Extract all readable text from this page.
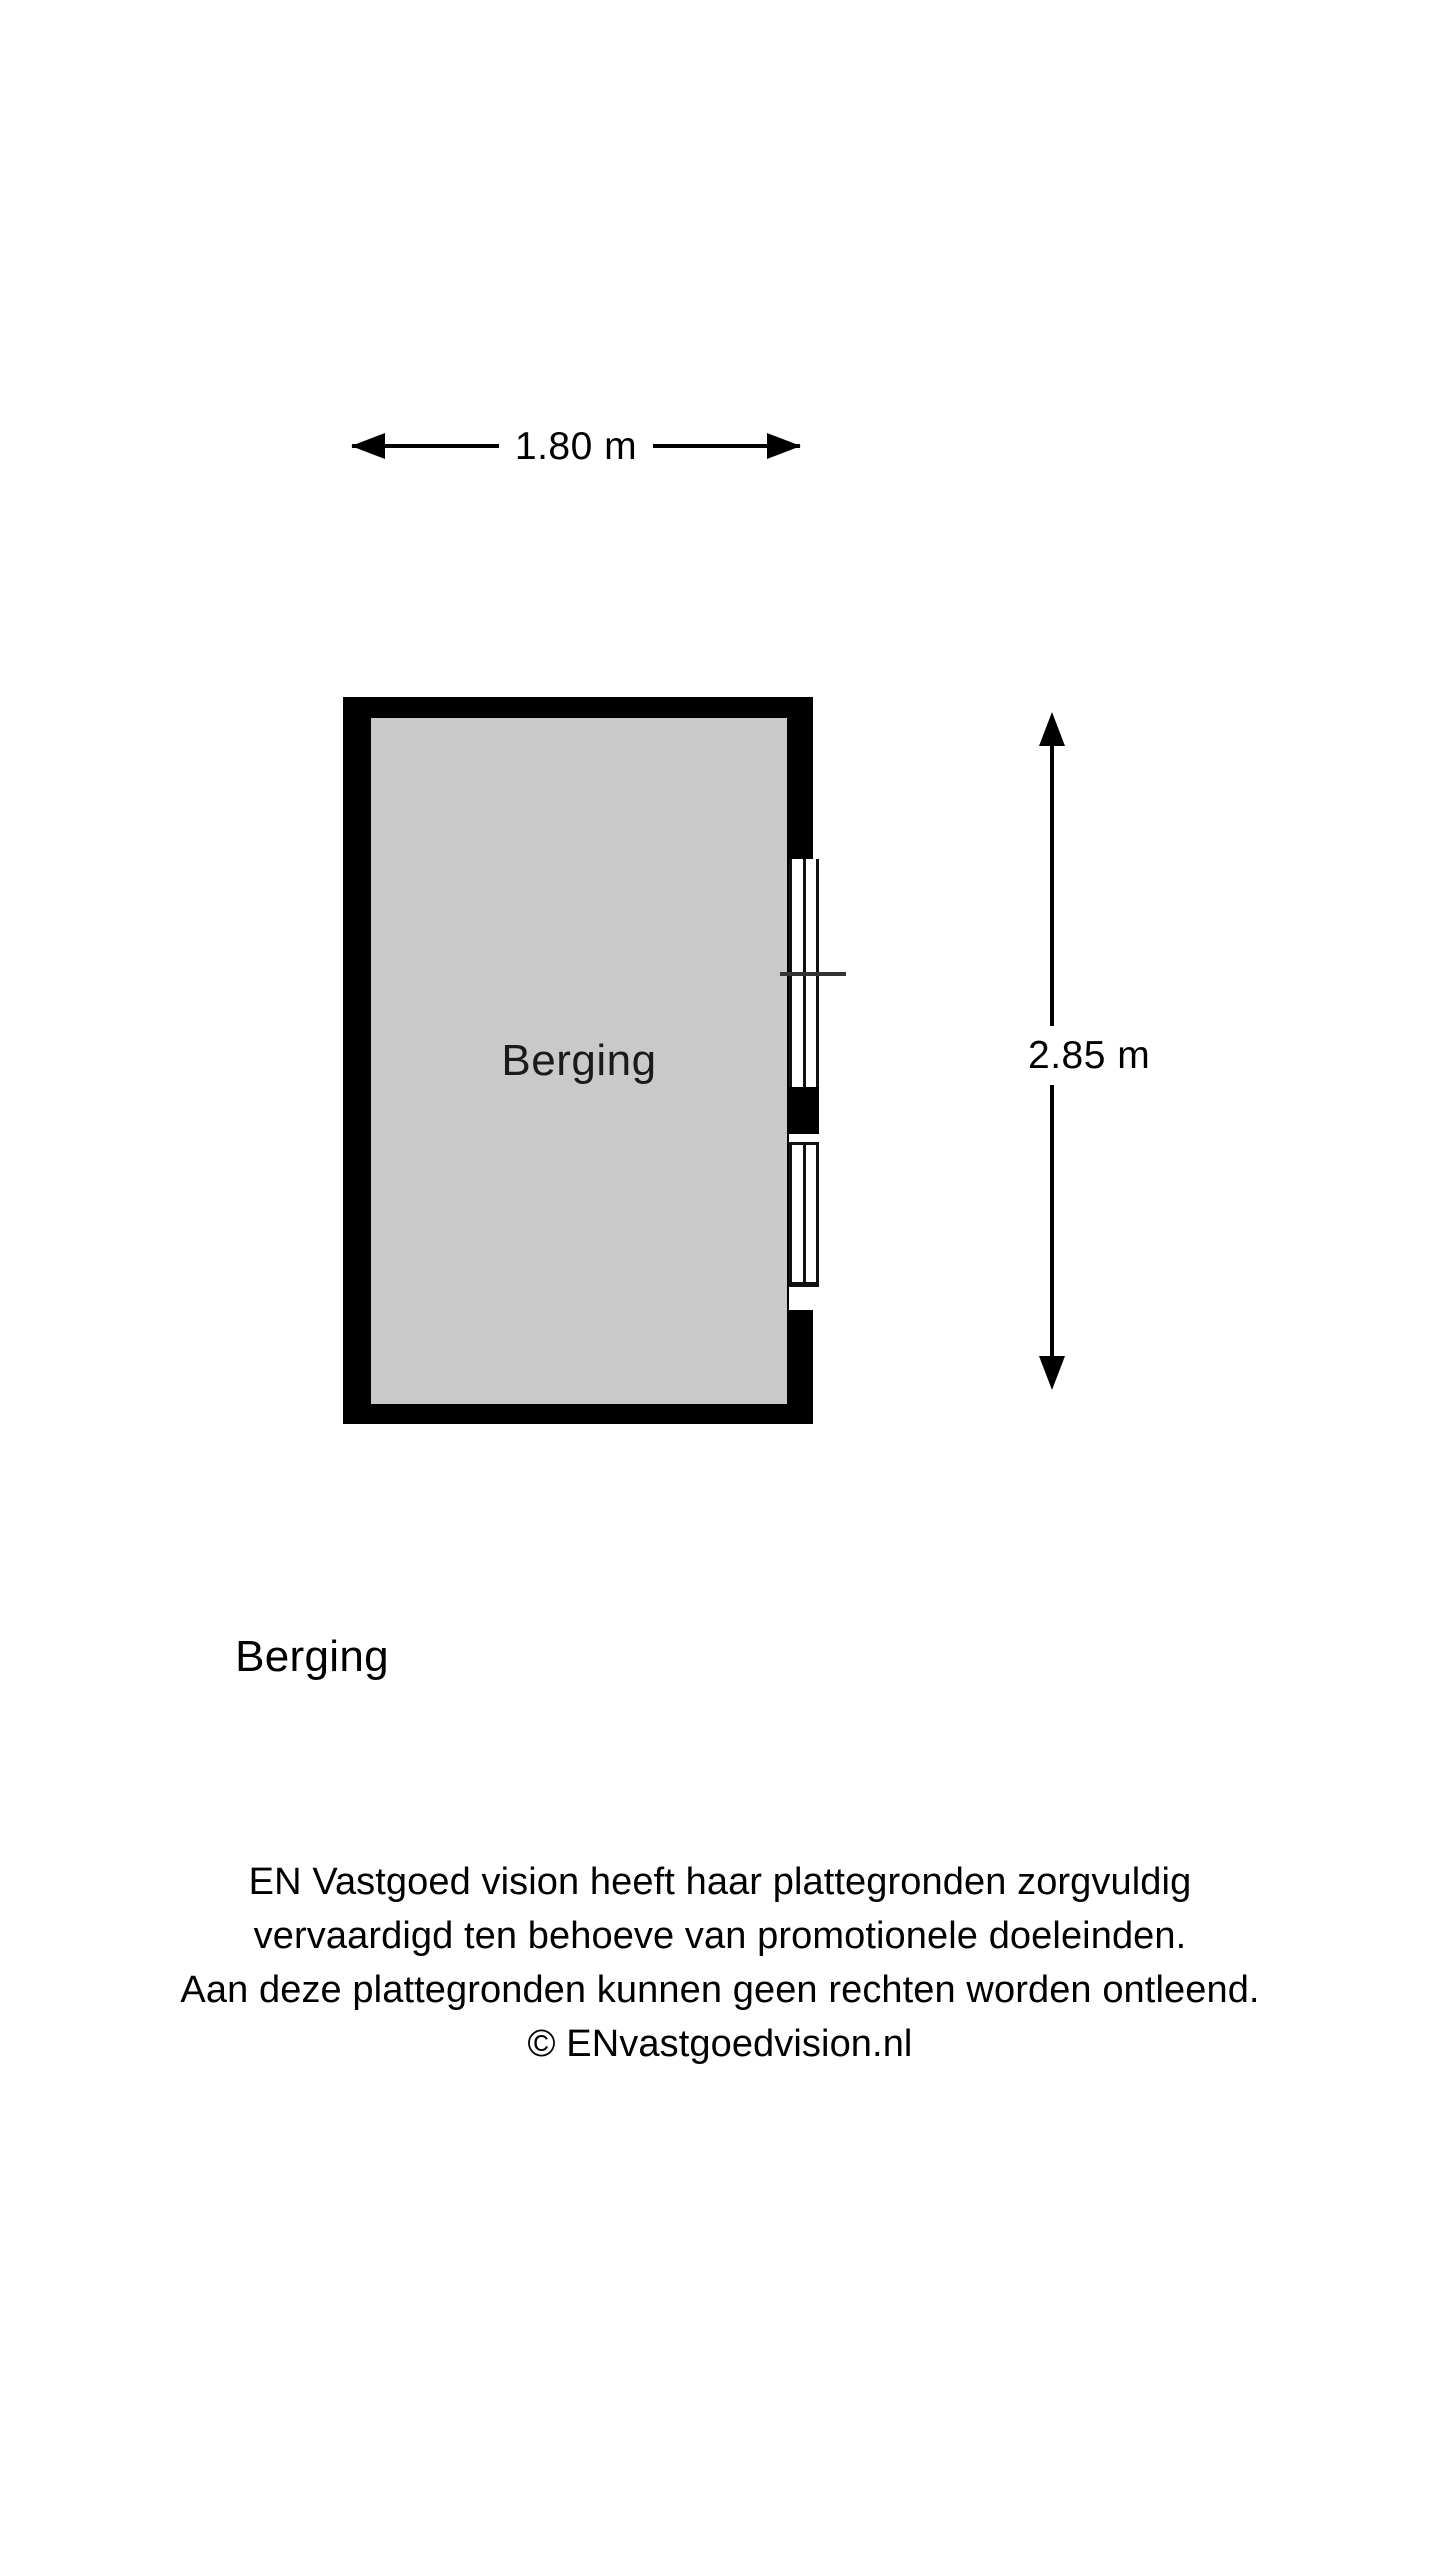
1.80 m
2.85 m
Berging
Berging
EN Vastgoed vision heeft haar plattegronden zorgvuldig
vervaardigd ten behoeve van promotionele doeleinden.
Aan deze plattegronden kunnen geen rechten worden ontleend.
© ENvastgoedvision.nl
